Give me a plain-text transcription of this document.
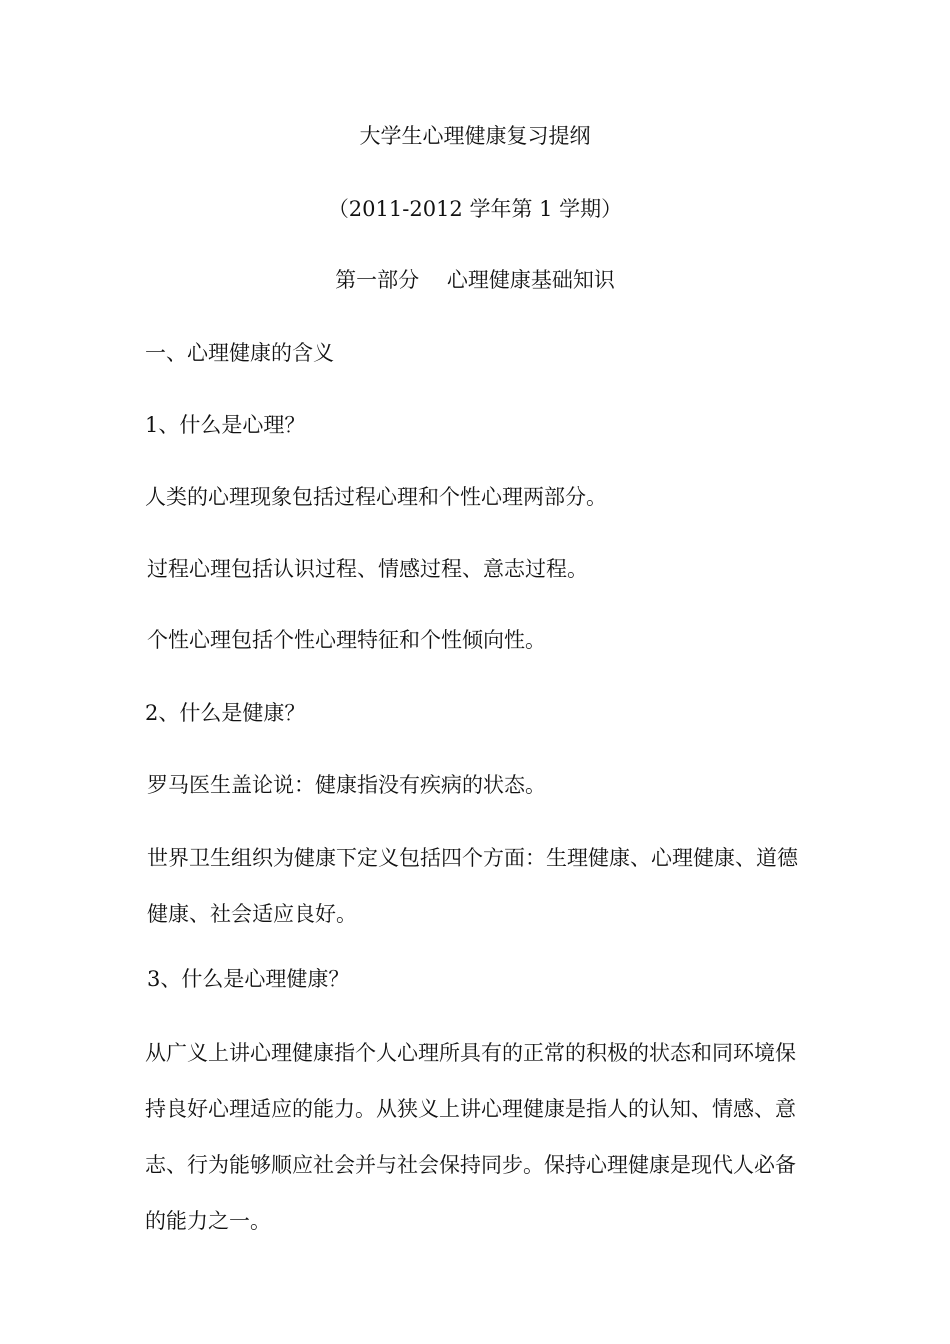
大学生心理健康复习提纲
（2011-2012 学年第 1 学期）
第一部分　 心理健康基础知识
一、心理健康的含义
1、什么是心理？
人类的心理现象包括过程心理和个性心理两部分。
过程心理包括认识过程、情感过程、意志过程。
个性心理包括个性心理特征和个性倾向性。
2、什么是健康？
罗马医生盖论说：健康指没有疾病的状态。
世界卫生组织为健康下定义包括四个方面：生理健康、心理健康、道德健康、社会适应良好。
3、什么是心理健康？
从广义上讲心理健康指个人心理所具有的正常的积极的状态和同环境保持良好心理适应的能力。从狭义上讲心理健康是指人的认知、情感、意志、行为能够顺应社会并与社会保持同步。保持心理健康是现代人必备的能力之一。
